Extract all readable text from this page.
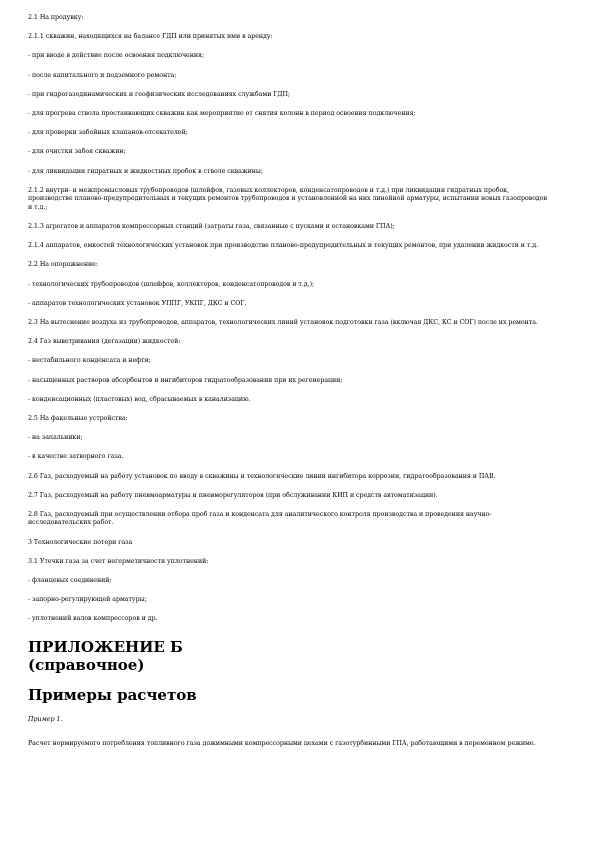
2.1 На продувку:
2.1.1 скважин, находящихся на балансе ГДП или принятых ими в аренду:
- при вводе в действие после освоения подключения;
- после капитального и подземного ремонта;
- при гидрогазодинамических и геофизических исследованиях службами ГДП;
- для прогрева ствола простаивающих скважин как мероприятие от снятия колонн в период освоения подключения;
- для проверки забойных клапанов-отсекателей;
- для очистки забоя скважин;
- для ликвидации гидратных и жидкостных пробок в стволе скважины;
2.1.2 внутри- и межпромысловых трубопроводов (шлейфов, газовых коллекторов, конденсатопроводов и т.д.) при ликвидации гидратных пробок, производстве планово-предупредительных и текущих ремонтов трубопроводов и установленной на них линейной арматуры, испытании новых газопроводов и т.д.;
2.1.3 агрегатов и аппаратов компрессорных станций (затраты газа, связанные с пусками и остановками ГПА);
2.1.4 аппаратов, емкостей технологических установок при производстве планово-предупредительных и текущих ремонтов, при удалении жидкости и т.д.
2.2 На опорожнение:
- технологических трубопроводов (шлейфов, коллекторов, конденсатопроводов и т.д.);
- аппаратов технологических установок УППГ, УКПГ, ДКС и СОГ.
2.3 На вытеснение воздуха из трубопроводов, аппаратов, технологических линий установок подготовки газа (включая ДКС, КС и СОГ) после их ремонта.
2.4 Газ выветривания (дегазации) жидкостей:
- нестабильного конденсата и нефти;
- насыщенных растворов абсорбентов и ингибиторов гидратообразования при их регенерации;
- конденсационных (пластовых) вод, сбрасываемых в канализацию.
2.5 На факельные устройства:
- на запальники;
- в качестве затворного газа.
2.6 Газ, расходуемый на работу установок по вводу в скважины и технологические линии ингибитора коррозии, гидратообразования и ПАВ.
2.7 Газ, расходуемый на работу пневмоарматуры и пневморегуляторов (при обслуживании КИП и средств автоматизации).
2.8 Газ, расходуемый при осуществлении отбора проб газа и конденсата для аналитического контроля производства и проведения научно-исследовательских работ.
3 Технологические потери газа
3.1 Утечки газа за счет негерметичности уплотнений:
- фланцевых соединений;
- запорно-регулирующей арматуры;
- уплотнений валов компрессоров и др.
ПРИЛОЖЕНИЕ Б
(справочное)
Примеры расчетов
Пример 1.
Расчет нормируемого потребления топливного газа дожимными компрессорными цехами с газотурбинными ГПА, работающими в переменном режиме.
